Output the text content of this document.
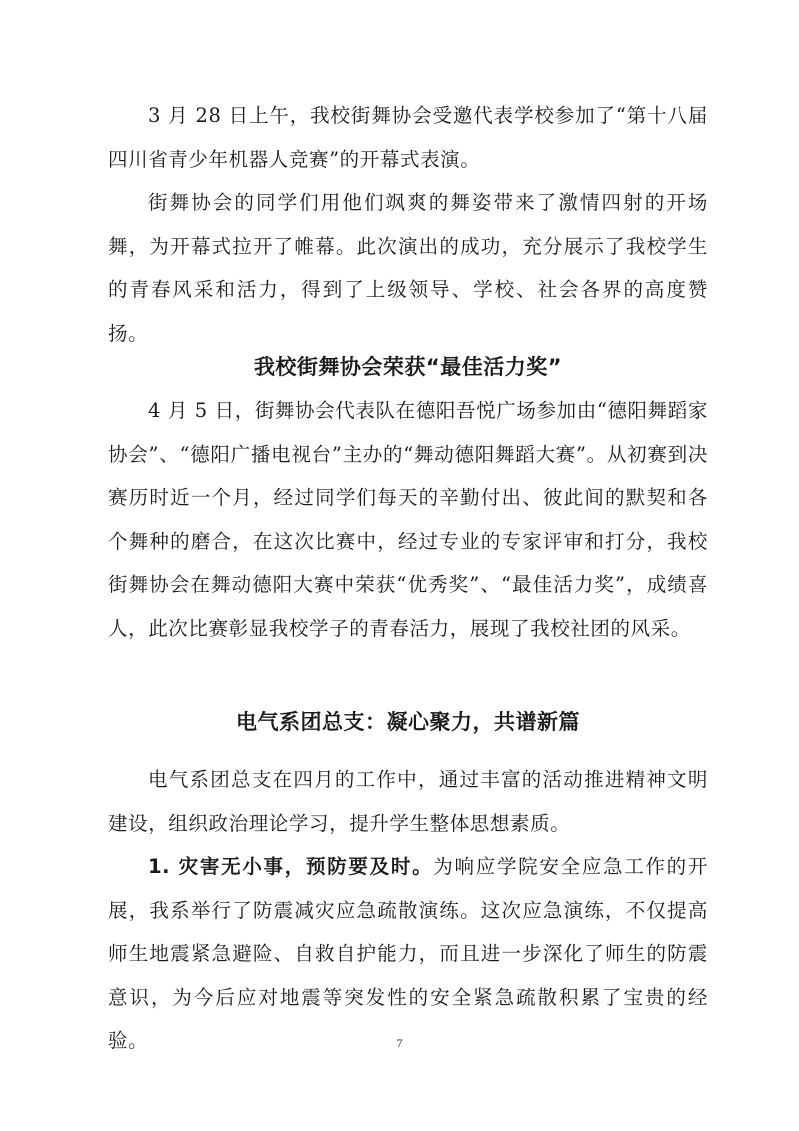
3 月 28 日上午，我校街舞协会受邀代表学校参加了“第十八届四川省青少年机器人竞赛”的开幕式表演。

街舞协会的同学们用他们飒爽的舞姿带来了激情四射的开场舞，为开幕式拉开了帷幕。此次演出的成功，充分展示了我校学生的青春风采和活力，得到了上级领导、学校、社会各界的高度赞扬。

我校街舞协会荣获“最佳活力奖”

4 月 5 日，街舞协会代表队在德阳吾悦广场参加由“德阳舞蹈家协会”、“德阳广播电视台”主办的“舞动德阳舞蹈大赛”。从初赛到决赛历时近一个月，经过同学们每天的辛勤付出、彼此间的默契和各个舞种的磨合，在这次比赛中，经过专业的专家评审和打分，我校街舞协会在舞动德阳大赛中荣获“优秀奖”、“最佳活力奖”，成绩喜人，此次比赛彰显我校学子的青春活力，展现了我校社团的风采。

电气系团总支：凝心聚力，共谱新篇

电气系团总支在四月的工作中，通过丰富的活动推进精神文明建设，组织政治理论学习，提升学生整体思想素质。

1. 灾害无小事，预防要及时。为响应学院安全应急工作的开展，我系举行了防震减灾应急疏散演练。这次应急演练，不仅提高师生地震紧急避险、自救自护能力，而且进一步深化了师生的防震意识，为今后应对地震等突发性的安全紧急疏散积累了宝贵的经验。	7
